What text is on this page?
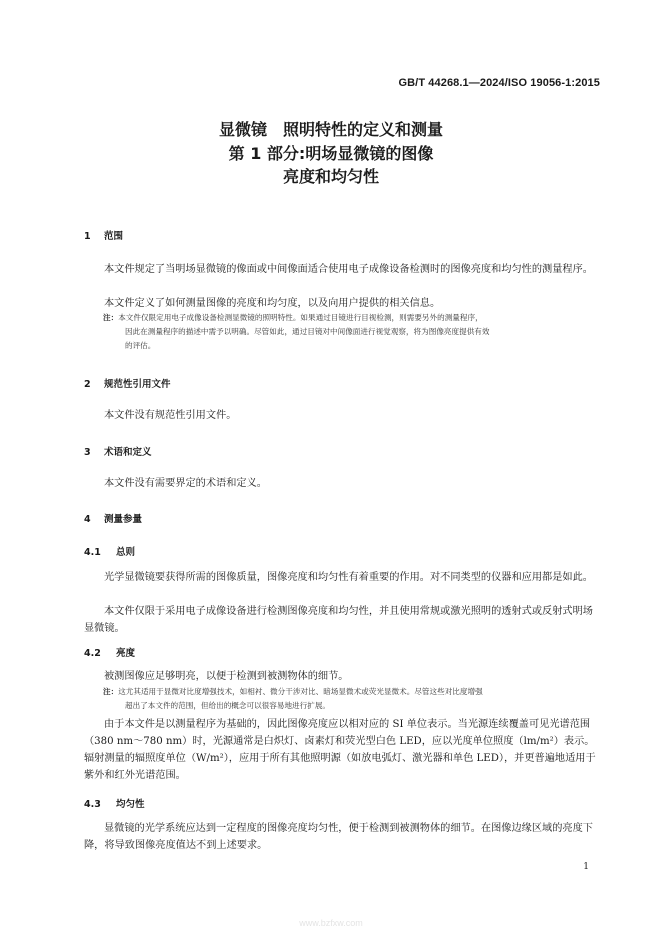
GB/T 44268.1—2024/ISO 19056-1:2015
显微镜　照明特性的定义和测量
第 1 部分:明场显微镜的图像
亮度和均匀性
1 范围
本文件规定了当明场显微镜的像面或中间像面适合使用电子成像设备检测时的图像亮度和均匀性的测量程序。
本文件定义了如何测量图像的亮度和均匀度，以及向用户提供的相关信息。
注：本文件仅限定用电子成像设备检测显微镜的照明特性。如果通过目镜进行目视检测，则需要另外的测量程序，
因此在测量程序的描述中需予以明确。尽管如此，通过目镜对中间像面进行视觉观察，将为图像亮度提供有效
的评估。
2 规范性引用文件
本文件没有规范性引用文件。
3 术语和定义
本文件没有需要界定的术语和定义。
4 测量参量
4.1 总则
光学显微镜要获得所需的图像质量，图像亮度和均匀性有着重要的作用。对不同类型的仪器和应用都是如此。
本文件仅限于采用电子成像设备进行检测图像亮度和均匀性，并且使用常规或激光照明的透射式或反射式明场显微镜。
4.2 亮度
被测图像应足够明亮，以便于检测到被测物体的细节。
注：这尤其适用于显微对比度增强技术，如相衬、微分干涉对比、暗场显微术或荧光显微术。尽管这些对比度增强
超出了本文件的范围，但给出的概念可以很容易地进行扩展。
由于本文件是以测量程序为基础的，因此图像亮度应以相对应的 SI 单位表示。当光源连续覆盖可见光谱范围（380 nm～780 nm）时，光源通常是白炽灯、卤素灯和荧光型白色 LED，应以光度单位照度（lm/m²）表示。辐射测量的辐照度单位（W/m²），应用于所有其他照明源（如放电弧灯、激光器和单色 LED），并更普遍地适用于紫外和红外光谱范围。
4.3 均匀性
显微镜的光学系统应达到一定程度的图像亮度均匀性，便于检测到被测物体的细节。在图像边缘区域的亮度下降，将导致图像亮度值达不到上述要求。
1
www.bzfxw.com
